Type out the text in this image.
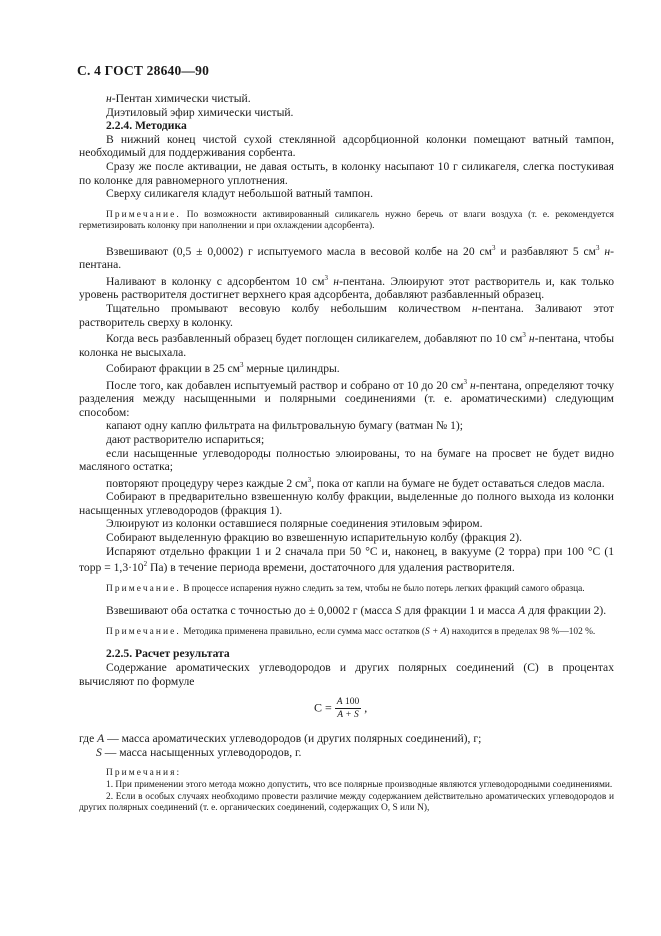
С. 4 ГОСТ 28640—90

н-Пентан химически чистый.

Диэтиловый эфир химически чистый.

2.2.4. Методика

В нижний конец чистой сухой стеклянной адсорбционной колонки помещают ватный тампон, необходимый для поддерживания сорбента.

Сразу же после активации, не давая остыть, в колонку насыпают 10 г силикагеля, слегка постукивая по колонке для равномерного уплотнения.

Сверху силикагеля кладут небольшой ватный тампон.

Примечание. По возможности активированный силикагель нужно беречь от влаги воздуха (т. е. рекомендуется герметизировать колонку при наполнении и при охлаждении адсорбента).

Взвешивают (0,5 ± 0,0002) г испытуемого масла в весовой колбе на 20 $см^3$ и разбавляют 5 $см^3$ н-пентана.

Наливают в колонку с адсорбентом 10 $см^3$ н-пентана. Элюируют этот растворитель и, как только уровень растворителя достигнет верхнего края адсорбента, добавляют разбавленный образец.

Тщательно промывают весовую колбу небольшим количеством н-пентана. Заливают этот растворитель сверху в колонку.

Когда весь разбавленный образец будет поглощен силикагелем, добавляют по 10 $см^3$ н-пентана, чтобы колонка не высыхала.

Собирают фракции в 25 $см^3$ мерные цилиндры.

После того, как добавлен испытуемый раствор и собрано от 10 до 20 $см^3$ н-пентана, определяют точку разделения между насыщенными и полярными соединениями (т. е. ароматическими) следующим способом:

капают одну каплю фильтрата на фильтровальную бумагу (ватман № 1);

дают растворителю испариться;

если насыщенные углеводороды полностью элюированы, то на бумаге на просвет не будет видно масляного остатка;

повторяют процедуру через каждые 2 $см^3$, пока от капли на бумаге не будет оставаться следов масла.

Собирают в предварительно взвешенную колбу фракции, выделенные до полного выхода из колонки насыщенных углеводородов (фракция 1).

Элюируют из колонки оставшиеся полярные соединения этиловым эфиром.

Собирают выделенную фракцию во взвешенную испарительную колбу (фракция 2).

Испаряют отдельно фракции 1 и 2 сначала при 50 °С и, наконец, в вакууме (2 торра) при 100 °С (1 торр = $1,3\cdot 10^2$ Па) в течение периода времени, достаточного для удаления растворителя.

Примечание. В процессе испарения нужно следить за тем, чтобы не было потерь легких фракций самого образца.

Взвешивают оба остатка с точностью до ± 0,0002 г (масса S для фракции 1 и масса A для фракции 2).

Примечание. Методика применена правильно, если сумма масс остатков (S + A) находится в пределах 98 %—102 %.

2.2.5. Расчет результата

Содержание ароматических углеводородов и других полярных соединений (С) в процентах вычисляют по формуле

$С = \frac{A 100}{A + S}$ ,

где A — масса ароматических углеводородов (и других полярных соединений), г;

S — масса насыщенных углеводородов, г.

Примечания:

1. При применении этого метода можно допустить, что все полярные производные являются углеводородными соединениями.

2. Если в особых случаях необходимо провести различие между содержанием действительно ароматических углеводородов и других полярных соединений (т. е. органических соединений, содержащих О, S или N),
